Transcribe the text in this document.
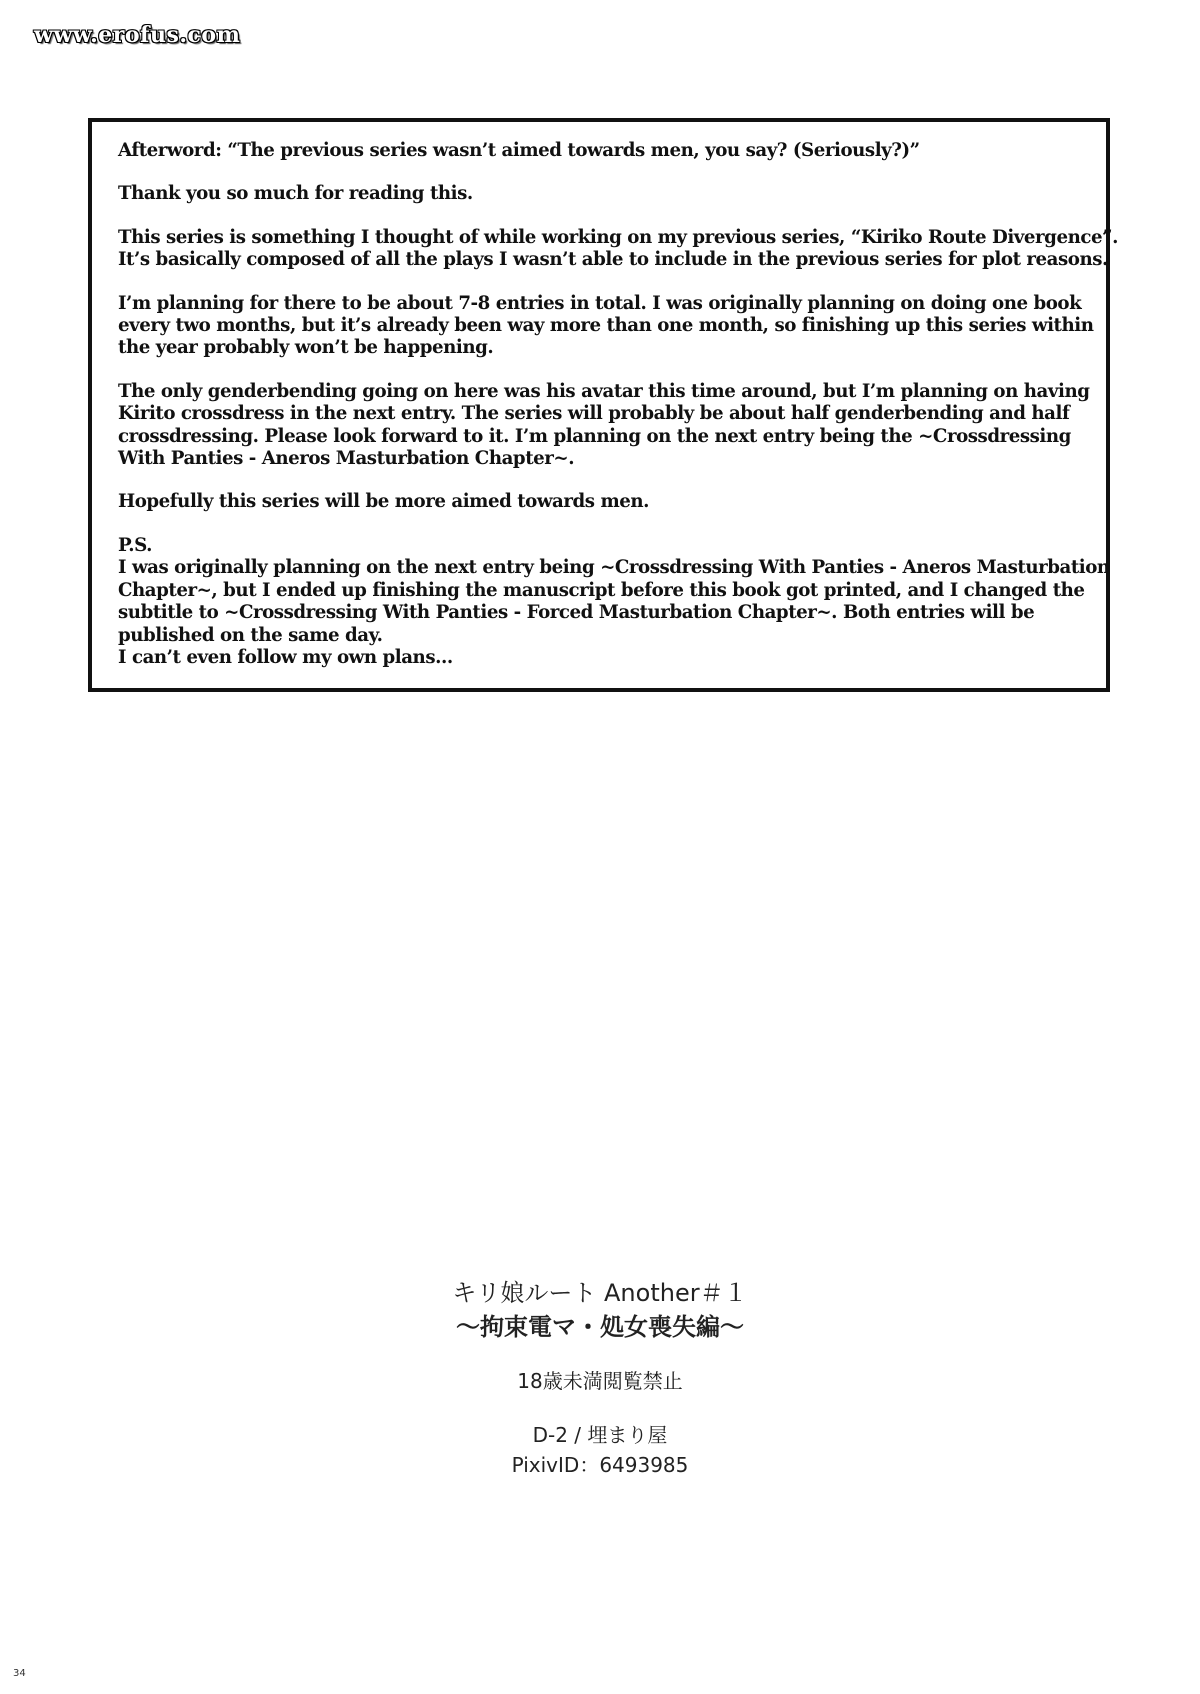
www.erofus.com

Afterword: “The previous series wasn’t aimed towards men, you say? (Seriously?)”

Thank you so much for reading this.

This series is something I thought of while working on my previous series, “Kiriko Route Divergence”.
It’s basically composed of all the plays I wasn’t able to include in the previous series for plot reasons.

I’m planning for there to be about 7-8 entries in total. I was originally planning on doing one book
every two months, but it’s already been way more than one month, so finishing up this series within
the year probably won’t be happening.

The only genderbending going on here was his avatar this time around, but I’m planning on having
Kirito crossdress in the next entry. The series will probably be about half genderbending and half
crossdressing. Please look forward to it. I’m planning on the next entry being the ~Crossdressing
With Panties - Aneros Masturbation Chapter~.

Hopefully this series will be more aimed towards men.

P.S.
I was originally planning on the next entry being ~Crossdressing With Panties - Aneros Masturbation
Chapter~, but I ended up finishing the manuscript before this book got printed, and I changed the
subtitle to ~Crossdressing With Panties - Forced Masturbation Chapter~. Both entries will be
published on the same day.
I can’t even follow my own plans...

キリ娘ルート Another＃１
〜拘束電マ・処女喪失編〜
18歳未満閲覧禁止
D-2 / 埋まり屋
PixivID：6493985
34
